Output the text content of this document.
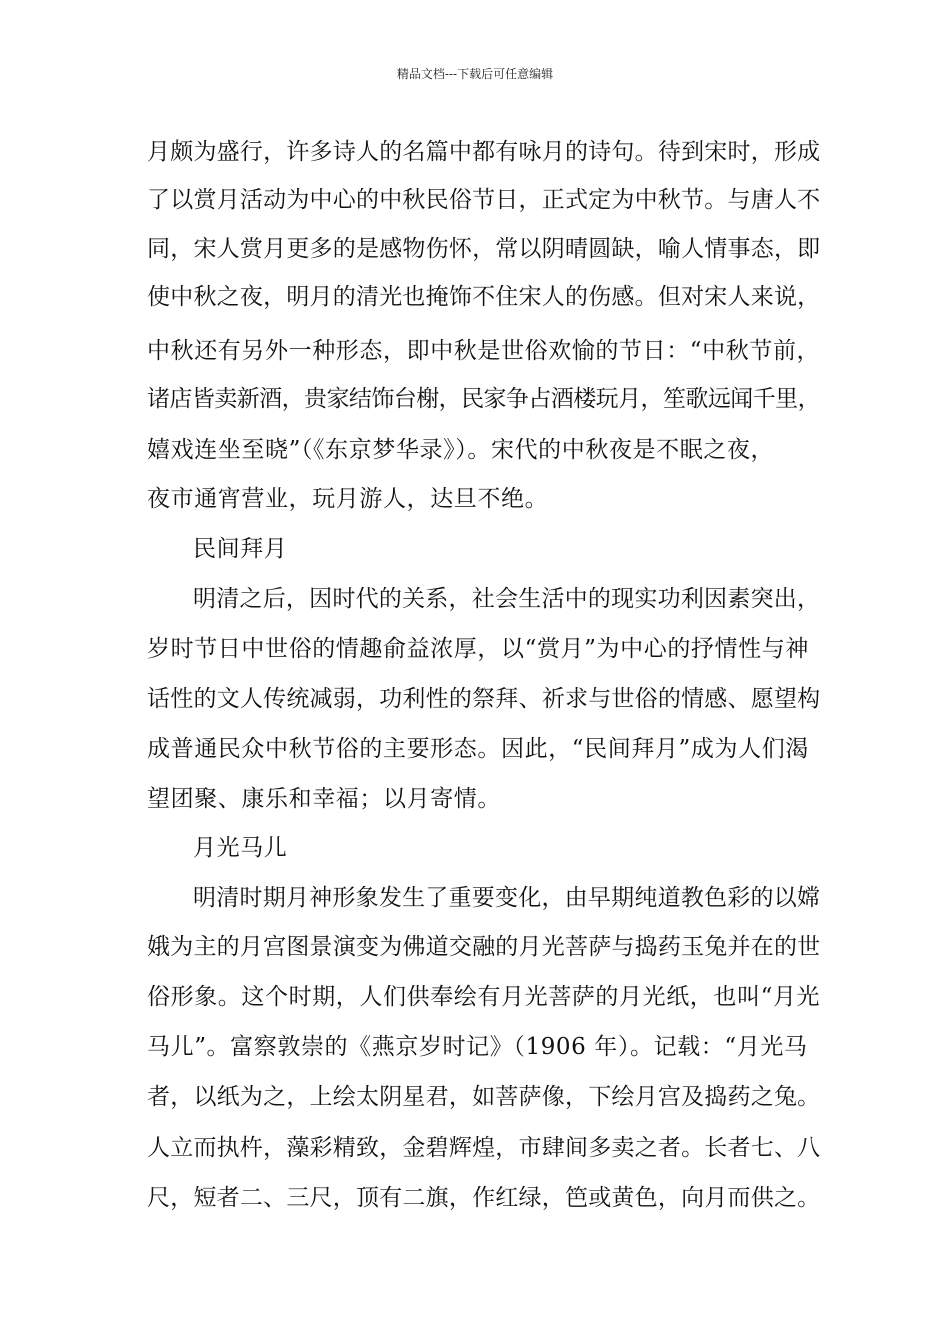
精品文档---下载后可任意编辑
月颇为盛行，许多诗人的名篇中都有咏月的诗句。待到宋时，形成
了以赏月活动为中心的中秋民俗节日，正式定为中秋节。与唐人不
同，宋人赏月更多的是感物伤怀，常以阴晴圆缺，喻人情事态，即
使中秋之夜，明月的清光也掩饰不住宋人的伤感。但对宋人来说，
中秋还有另外一种形态，即中秋是世俗欢愉的节日：“中秋节前，
诸店皆卖新酒，贵家结饰台榭，民家争占酒楼玩月，笙歌远闻千里，
嬉戏连坐至晓”（《东京梦华录》）。宋代的中秋夜是不眠之夜，
夜市通宵营业，玩月游人，达旦不绝。
民间拜月
明清之后，因时代的关系，社会生活中的现实功利因素突出，
岁时节日中世俗的情趣俞益浓厚，以“赏月”为中心的抒情性与神
话性的文人传统减弱，功利性的祭拜、祈求与世俗的情感、愿望构
成普通民众中秋节俗的主要形态。因此，“民间拜月”成为人们渴
望团聚、康乐和幸福；以月寄情。
月光马儿
明清时期月神形象发生了重要变化，由早期纯道教色彩的以嫦
娥为主的月宫图景演变为佛道交融的月光菩萨与捣药玉兔并在的世
俗形象。这个时期，人们供奉绘有月光菩萨的月光纸，也叫“月光
马儿”。富察敦崇的《燕京岁时记》（1906 年）。记载：“月光马
者，以纸为之，上绘太阴星君，如菩萨像，下绘月宫及捣药之兔。
人立而执杵，藻彩精致，金碧辉煌，市肆间多卖之者。长者七、八
尺，短者二、三尺，顶有二旗，作红绿，笆或黄色，向月而供之。
